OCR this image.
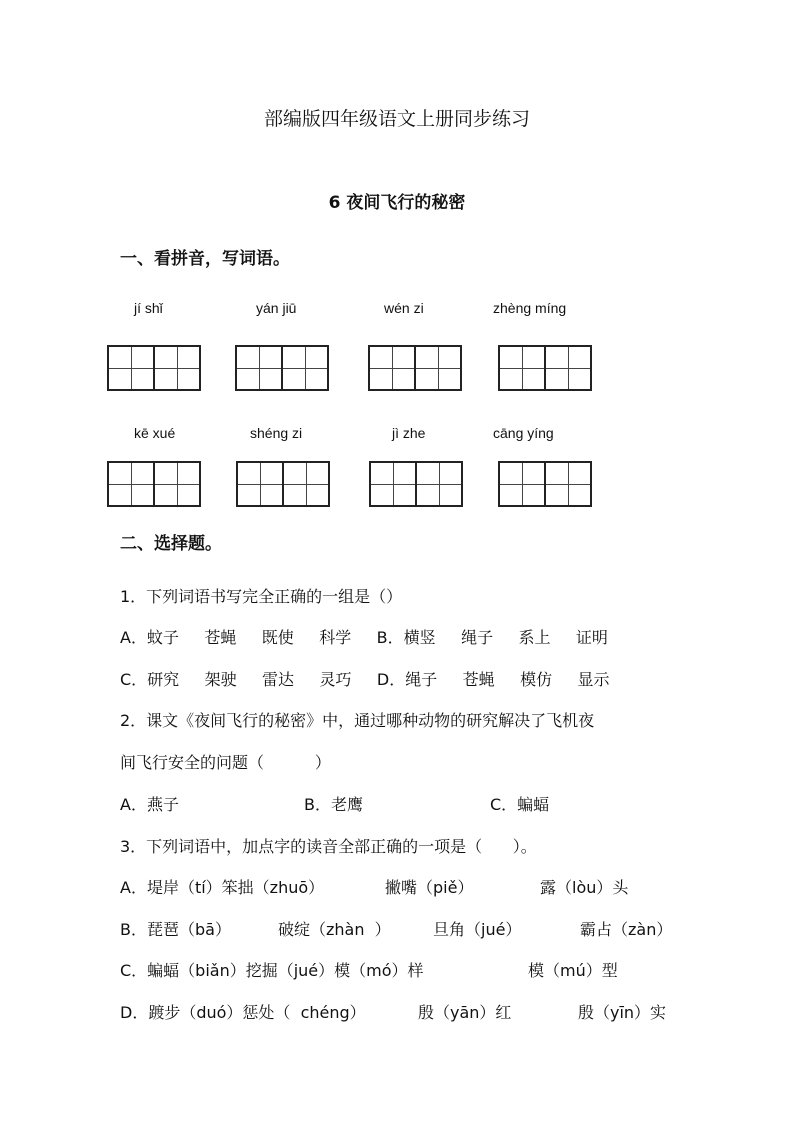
部编版四年级语文上册同步练习
6 夜间飞行的秘密
一、看拼音，写词语。
jí shǐ	yán jiū	wén zi	zhèng míng
kē xué	shéng zi	jì zhe	cāng yíng
二、选择题。
1．下列词语书写完全正确的一组是（）
A．蚊子     苍蝇     既使     科学     B．横竖     绳子     系上     证明
C．研究     架驶     雷达     灵巧     D．绳子     苍蝇     模仿     显示
2．课文《夜间飞行的秘密》中，通过哪种动物的研究解决了飞机夜
间飞行安全的问题（          ）
A．燕子	B．老鹰	C．蝙蝠
3．下列词语中，加点字的读音全部正确的一项是（      ）。
A．堤岸（tí）笨拙（zhuō）	撇嘴（piě）	露（lòu）头
B．琵琶（bā）	破绽（zhàn  ）	旦角（jué）	霸占（zàn）
C．蝙蝠（biǎn）挖掘（jué）模（mó）样	模（mú）型
D．踱步（duó）惩处（  chéng）	殷（yān）红	殷（yīn）实
